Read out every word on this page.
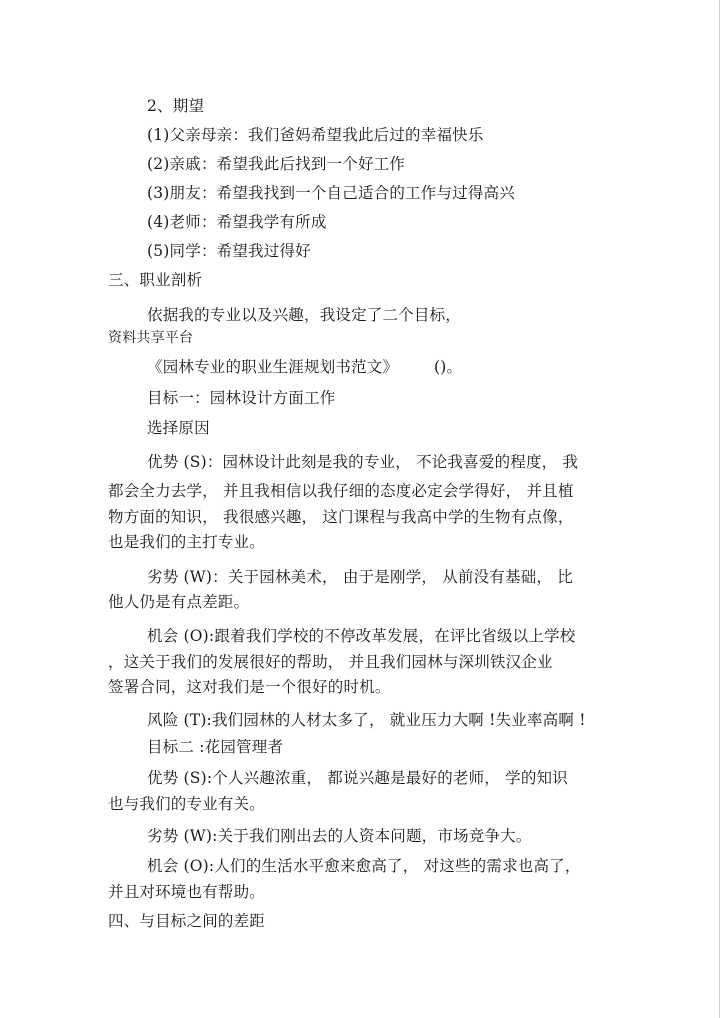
2、期望
(1)父亲母亲：我们爸妈希望我此后过的幸福快乐
(2)亲戚：希望我此后找到一个好工作
(3)朋友：希望我找到一个自己适合的工作与过得高兴
(4)老师：希望我学有所成
(5)同学：希望我过得好
三、职业剖析
依据我的专业以及兴趣，我设定了二个目标，
资料共享平台
《园林专业的职业生涯规划书范文》 ()。
目标一：园林设计方面工作
选择原因
优势 (S)：园林设计此刻是我的专业， 不论我喜爱的程度， 我
都会全力去学， 并且我相信以我仔细的态度必定会学得好， 并且植
物方面的知识， 我很感兴趣， 这门课程与我高中学的生物有点像，
也是我们的主打专业。
劣势 (W)：关于园林美术， 由于是刚学， 从前没有基础， 比
他人仍是有点差距。
机会 (O):跟着我们学校的不停改革发展，在评比省级以上学校
，这关于我们的发展很好的帮助， 并且我们园林与深圳铁汉企业
签署合同，这对我们是一个很好的时机。
风险 (T):我们园林的人材太多了， 就业压力大啊 !失业率高啊 !
目标二 :花园管理者
优势 (S):个人兴趣浓重， 都说兴趣是最好的老师， 学的知识
也与我们的专业有关。
劣势 (W):关于我们刚出去的人资本问题，市场竞争大。
机会 (O):人们的生活水平愈来愈高了， 对这些的需求也高了，
并且对环境也有帮助。
四、与目标之间的差距
